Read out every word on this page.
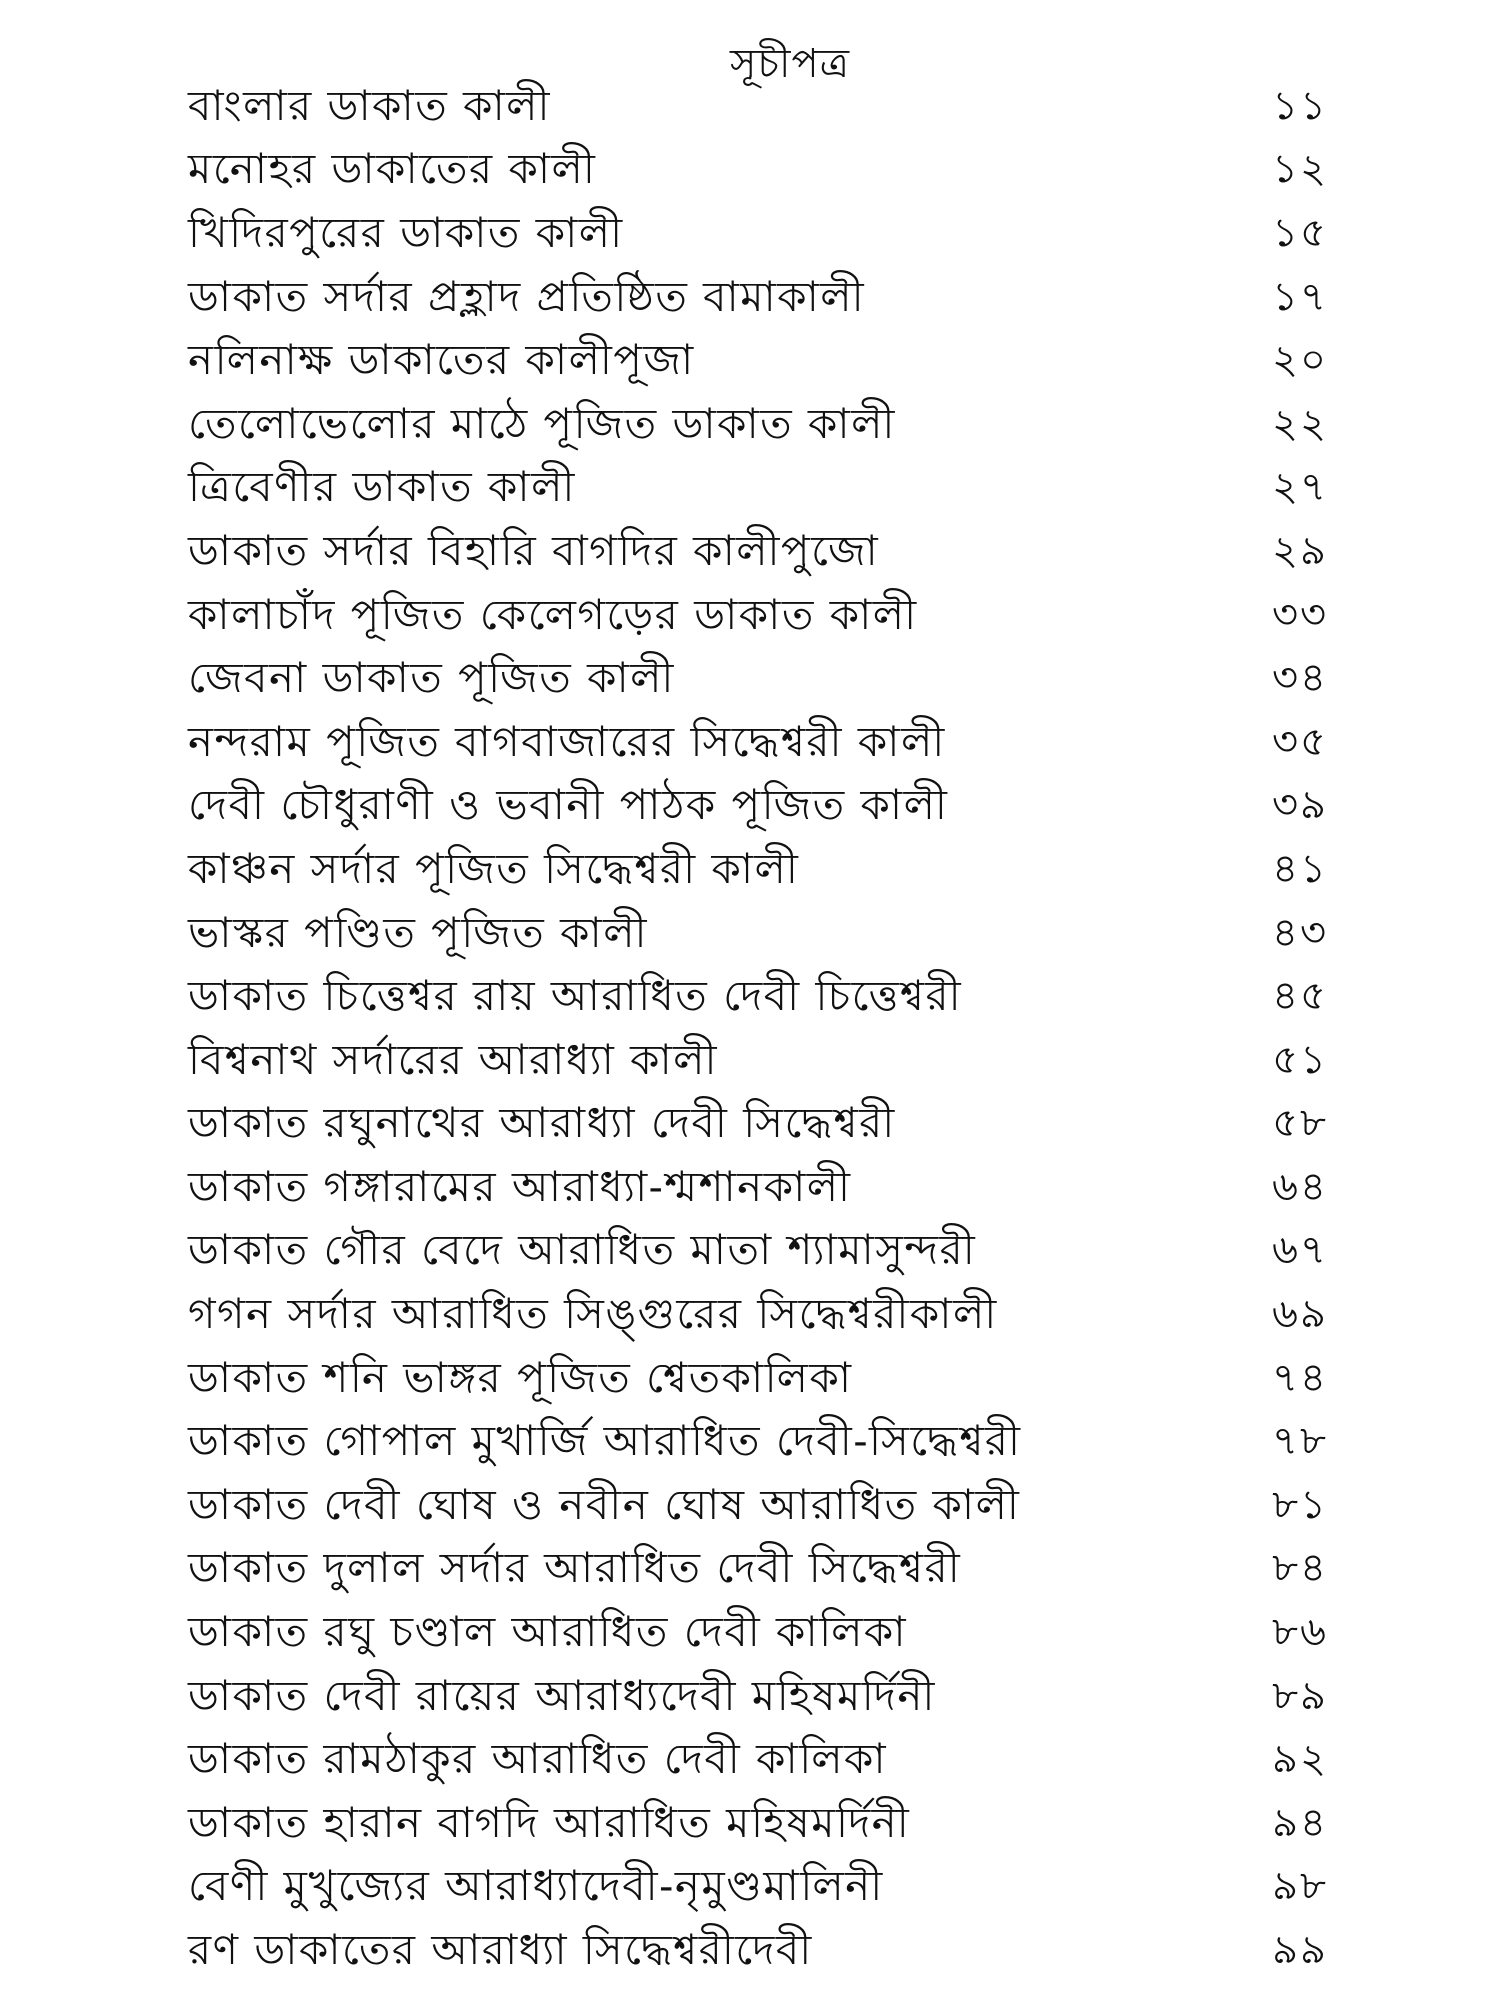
সূচীপত্র
বাংলার ডাকাত কালী	১১
মনোহর ডাকাতের কালী	১২
খিদিরপুরের ডাকাত কালী	১৫
ডাকাত সর্দার প্রহ্লাদ প্রতিষ্ঠিত বামাকালী	১৭
নলিনাক্ষ ডাকাতের কালীপূজা	২০
তেলোভেলোর মাঠে পূজিত ডাকাত কালী	২২
ত্রিবেণীর ডাকাত কালী	২৭
ডাকাত সর্দার বিহারি বাগদির কালীপুজো	২৯
কালাচাঁদ পূজিত কেলেগড়ের ডাকাত কালী	৩৩
জেবনা ডাকাত পূজিত কালী	৩৪
নন্দরাম পূজিত বাগবাজারের সিদ্ধেশ্বরী কালী	৩৫
দেবী চৌধুরাণী ও ভবানী পাঠক পূজিত কালী	৩৯
কাঞ্চন সর্দার পূজিত সিদ্ধেশ্বরী কালী	৪১
ভাস্কর পণ্ডিত পূজিত কালী	৪৩
ডাকাত চিত্তেশ্বর রায় আরাধিত দেবী চিত্তেশ্বরী	৪৫
বিশ্বনাথ সর্দারের আরাধ্যা কালী	৫১
ডাকাত রঘুনাথের আরাধ্যা দেবী সিদ্ধেশ্বরী	৫৮
ডাকাত গঙ্গারামের আরাধ্যা-শ্মশানকালী	৬৪
ডাকাত গৌর বেদে আরাধিত মাতা শ্যামাসুন্দরী	৬৭
গগন সর্দার আরাধিত সিঙ্গুরের সিদ্ধেশ্বরীকালী	৬৯
ডাকাত শনি ভাঙ্গর পূজিত শ্বেতকালিকা	৭৪
ডাকাত গোপাল মুখার্জি আরাধিত দেবী-সিদ্ধেশ্বরী	৭৮
ডাকাত দেবী ঘোষ ও নবীন ঘোষ আরাধিত কালী	৮১
ডাকাত দুলাল সর্দার আরাধিত দেবী সিদ্ধেশ্বরী	৮৪
ডাকাত রঘু চণ্ডাল আরাধিত দেবী কালিকা	৮৬
ডাকাত দেবী রায়ের আরাধ্যদেবী মহিষমর্দিনী	৮৯
ডাকাত রামঠাকুর আরাধিত দেবী কালিকা	৯২
ডাকাত হারান বাগদি আরাধিত মহিষমর্দিনী	৯৪
বেণী মুখুজ্যের আরাধ্যাদেবী-নৃমুণ্ডমালিনী	৯৮
রণ ডাকাতের আরাধ্যা সিদ্ধেশ্বরীদেবী	৯৯
